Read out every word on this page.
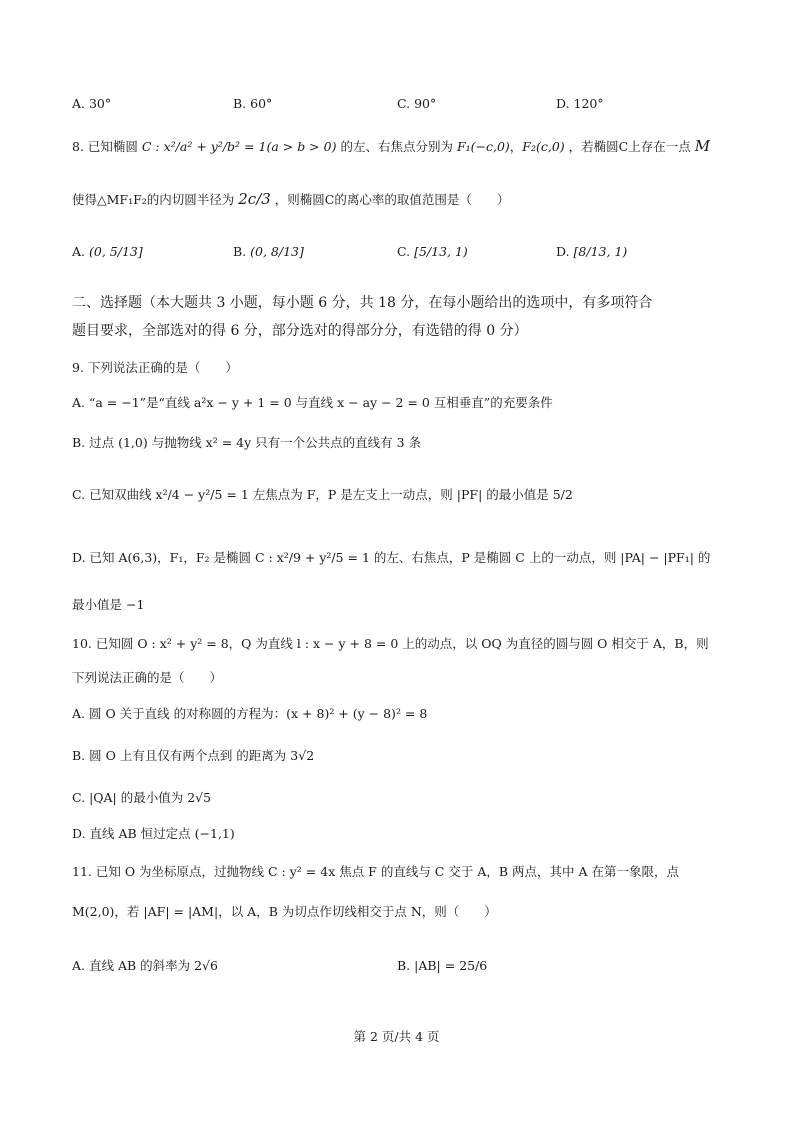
A. 30°	B. 60°	C. 90°	D. 120°
8. 已知椭圆 C : x²/a² + y²/b² = 1(a > b > 0) 的左、右焦点分别为 F₁(−c,0)，F₂(c,0) ，若椭圆C上存在一点 M
使得△MF₁F₂的内切圆半径为 2c/3 ，则椭圆C的离心率的取值范围是（　　）
A. (0, 5/13]	B. (0, 8/13]	C. [5/13, 1)	D. [8/13, 1)
二、选择题（本大题共 3 小题，每小题 6 分，共 18 分，在每小题给出的选项中，有多项符合
题目要求，全部选对的得 6 分，部分选对的得部分分，有选错的得 0 分）
9. 下列说法正确的是（　　）
A. “a = −1”是“直线 a²x − y + 1 = 0 与直线 x − ay − 2 = 0 互相垂直”的充要条件
B. 过点 (1,0) 与抛物线 x² = 4y 只有一个公共点的直线有 3 条
C. 已知双曲线 x²/4 − y²/5 = 1 左焦点为 F，P 是左支上一动点，则 |PF| 的最小值是 5/2
D. 已知 A(6,3)，F₁，F₂ 是椭圆 C : x²/9 + y²/5 = 1 的左、右焦点，P 是椭圆 C 上的一动点，则 |PA| − |PF₁| 的
最小值是 −1
10. 已知圆 O : x² + y² = 8，Q 为直线 l : x − y + 8 = 0 上的动点，以 OQ 为直径的圆与圆 O 相交于 A，B，则
下列说法正确的是（　　）
A. 圆 O 关于直线 的对称圆的方程为：(x + 8)² + (y − 8)² = 8
B. 圆 O 上有且仅有两个点到 的距离为 3√2
C. |QA| 的最小值为 2√5
D. 直线 AB 恒过定点 (−1,1)
11. 已知 O 为坐标原点，过抛物线 C : y² = 4x 焦点 F 的直线与 C 交于 A，B 两点，其中 A 在第一象限，点
M(2,0)，若 |AF| = |AM|，以 A，B 为切点作切线相交于点 N，则（　　）
A. 直线 AB 的斜率为 2√6	B. |AB| = 25/6
第 2 页/共 4 页
